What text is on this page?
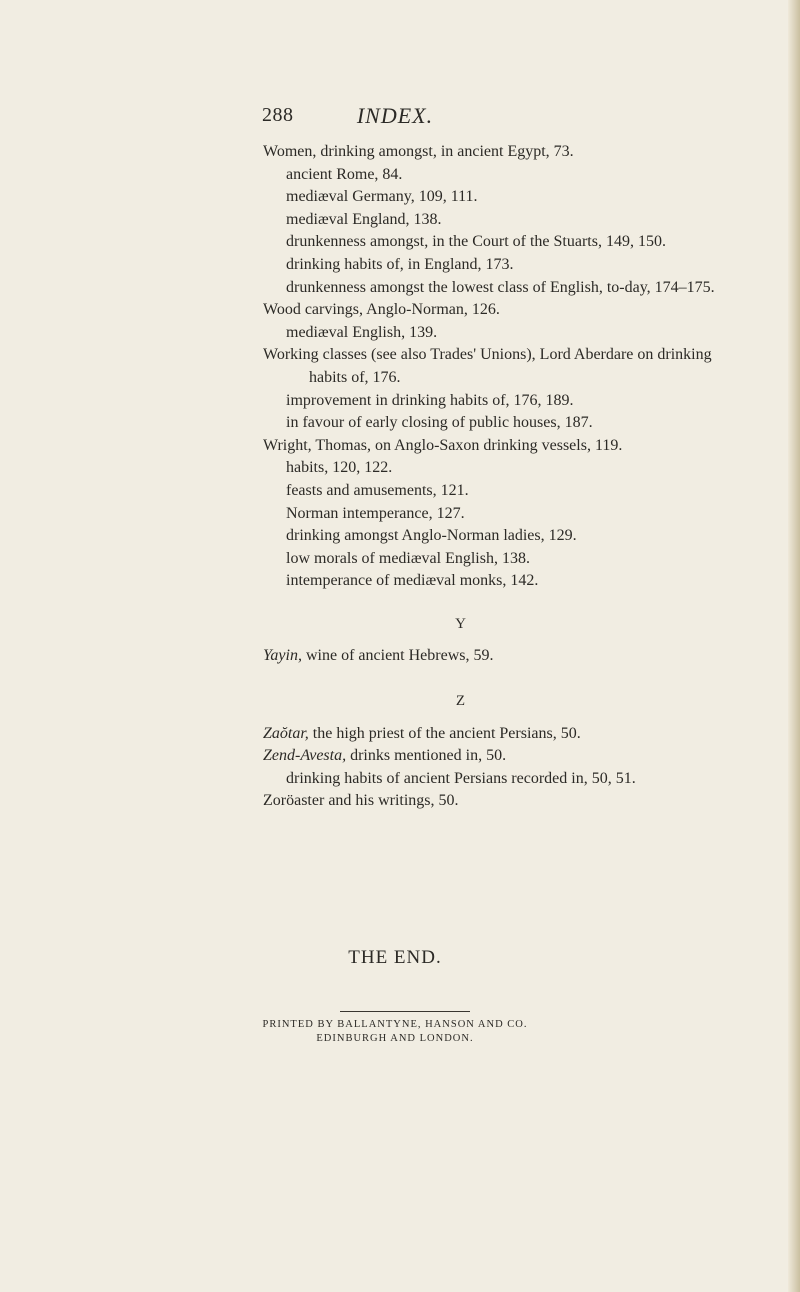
288	INDEX.
Women, drinking amongst, in ancient Egypt, 73.
ancient Rome, 84.
mediæval Germany, 109, 111.
mediæval England, 138.
drunkenness amongst, in the Court of the Stuarts, 149, 150.
drinking habits of, in England, 173.
drunkenness amongst the lowest class of English, to-day, 174–175.
Wood carvings, Anglo-Norman, 126.
mediæval English, 139.
Working classes (see also Trades' Unions), Lord Aberdare on drinking
habits of, 176.
improvement in drinking habits of, 176, 189.
in favour of early closing of public houses, 187.
Wright, Thomas, on Anglo-Saxon drinking vessels, 119.
habits, 120, 122.
feasts and amusements, 121.
Norman intemperance, 127.
drinking amongst Anglo-Norman ladies, 129.
low morals of mediæval English, 138.
intemperance of mediæval monks, 142.
Y
Yayin, wine of ancient Hebrews, 59.
Z
Zaŏtar, the high priest of the ancient Persians, 50.
Zend-Avesta, drinks mentioned in, 50.
drinking habits of ancient Persians recorded in, 50, 51.
Zoröaster and his writings, 50.
THE END.
PRINTED BY BALLANTYNE, HANSON AND CO.
EDINBURGH AND LONDON.
